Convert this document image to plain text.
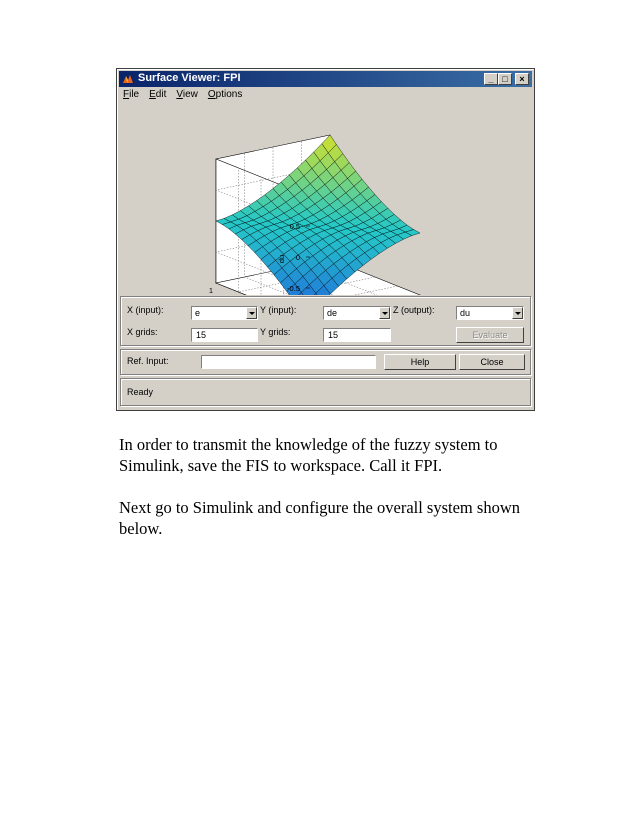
Surface Viewer: FPI	_ □	×
File Edit View Options
0.5
0
-0.5
1
du
X (input):	e	Y (input):	de	Z (output):	du
X grids:	15	Y grids:	15	Evaluate
Ref. Input:	Help	Close
Ready

In order to transmit the knowledge of the fuzzy system to Simulink, save the FIS to workspace. Call it FPI.

Next go to Simulink and configure the overall system shown below.
